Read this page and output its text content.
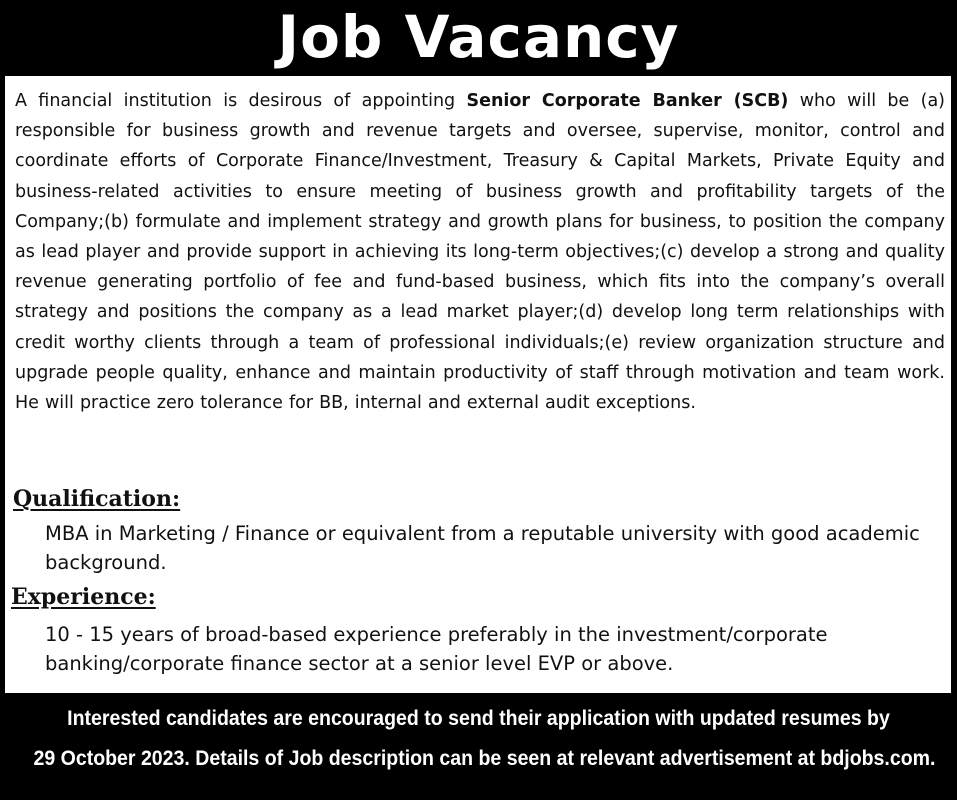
Job Vacancy

A financial institution is desirous of appointing Senior Corporate Banker (SCB) who will be (a) responsible for business growth and revenue targets and oversee, supervise, monitor, control and coordinate efforts of Corporate Finance/Investment, Treasury & Capital Markets, Private Equity and business-related activities to ensure meeting of business growth and profitability targets of the Company;(b) formulate and implement strategy and growth plans for business, to position the company as lead player and provide support in achieving its long-term objectives;(c) develop a strong and quality revenue generating portfolio of fee and fund-based business, which fits into the company’s overall strategy and positions the company as a lead market player;(d) develop long term relationships with credit worthy clients through a team of professional individuals;(e) review organization structure and upgrade people quality, enhance and maintain productivity of staff through motivation and team work. He will practice zero tolerance for BB, internal and external audit exceptions.

Qualification:
MBA in Marketing / Finance or equivalent from a reputable university with good academic background.
Experience:
10 - 15 years of broad-based experience preferably in the investment/corporate banking/corporate finance sector at a senior level EVP or above.
Interested candidates are encouraged to send their application with updated resumes by
29 October 2023. Details of Job description can be seen at relevant advertisement at bdjobs.com.
